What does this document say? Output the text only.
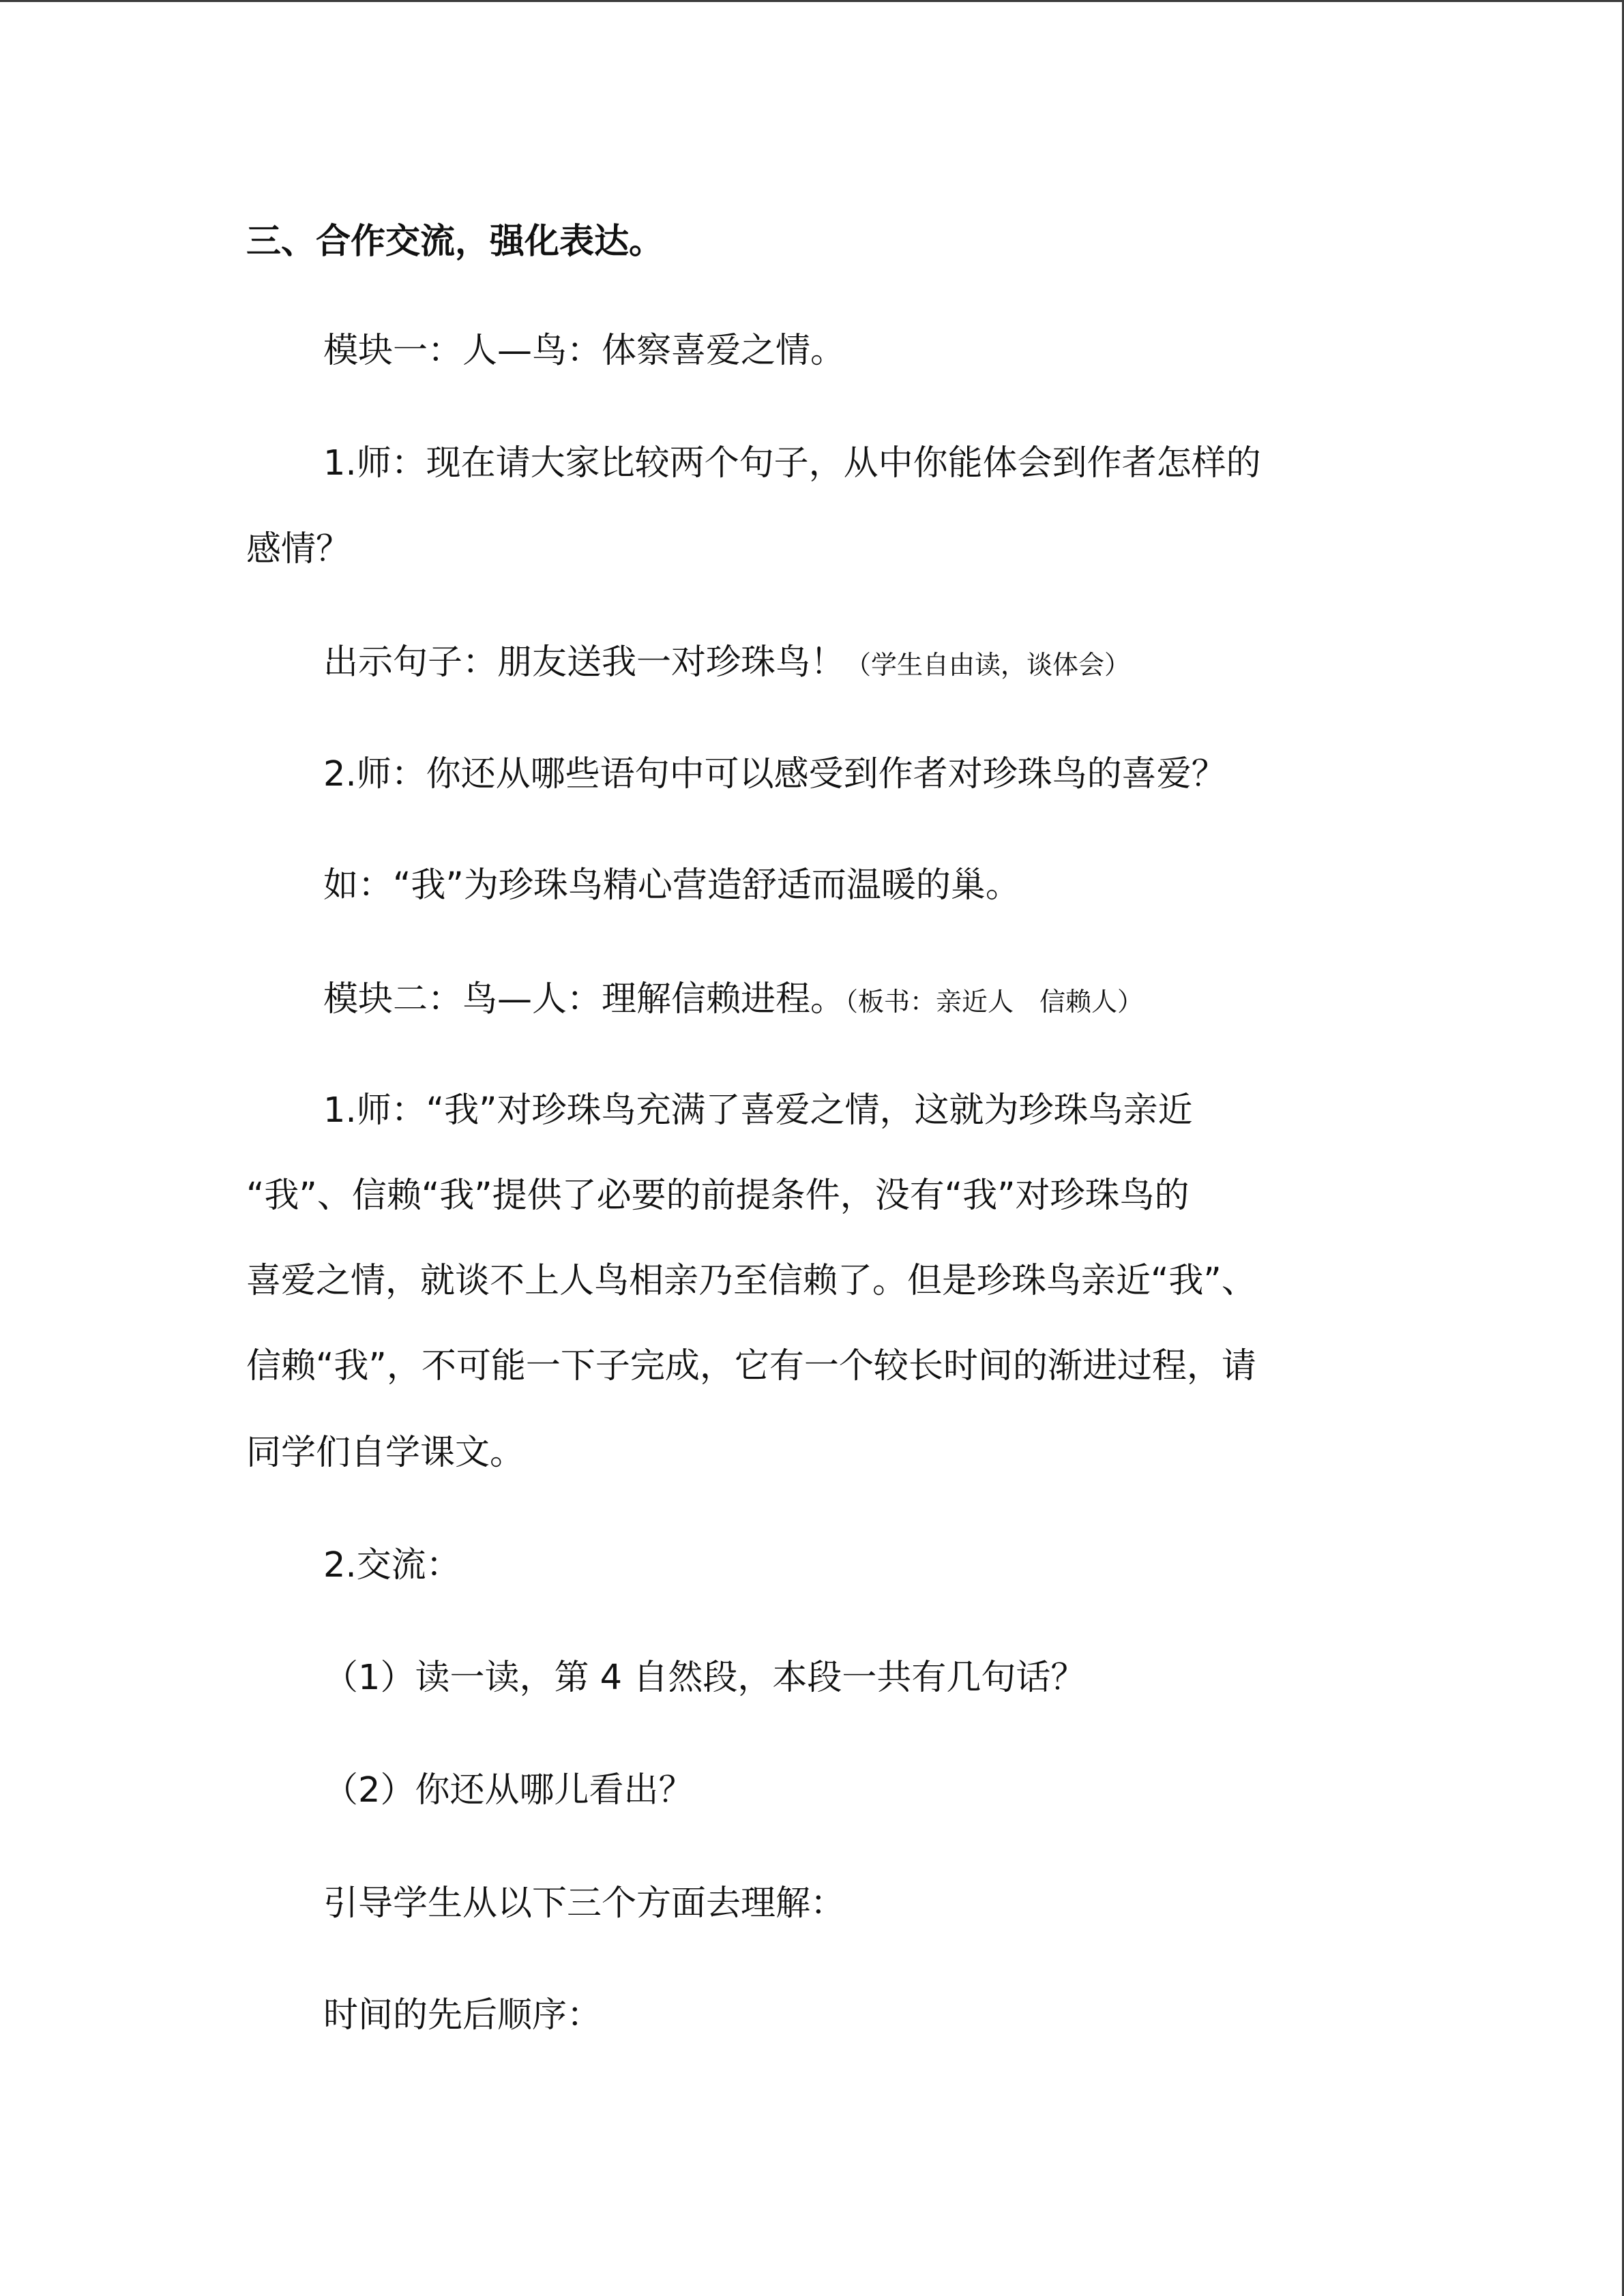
三、合作交流，强化表达。
模块一：人—鸟：体察喜爱之情。
1.师：现在请大家比较两个句子，从中你能体会到作者怎样的
感情？
出示句子：朋友送我一对珍珠鸟！（学生自由读，谈体会）
2.师：你还从哪些语句中可以感受到作者对珍珠鸟的喜爱？
如：“我”为珍珠鸟精心营造舒适而温暖的巢。
模块二：鸟—人：理解信赖进程。（板书：亲近人　信赖人）
1.师：“我”对珍珠鸟充满了喜爱之情，这就为珍珠鸟亲近
“我”、信赖“我”提供了必要的前提条件，没有“我”对珍珠鸟的
喜爱之情，就谈不上人鸟相亲乃至信赖了。但是珍珠鸟亲近“我”、
信赖“我”，不可能一下子完成，它有一个较长时间的渐进过程，请
同学们自学课文。
2.交流：
（1）读一读，第 4 自然段，本段一共有几句话？
（2）你还从哪儿看出？
引导学生从以下三个方面去理解：
时间的先后顺序：
